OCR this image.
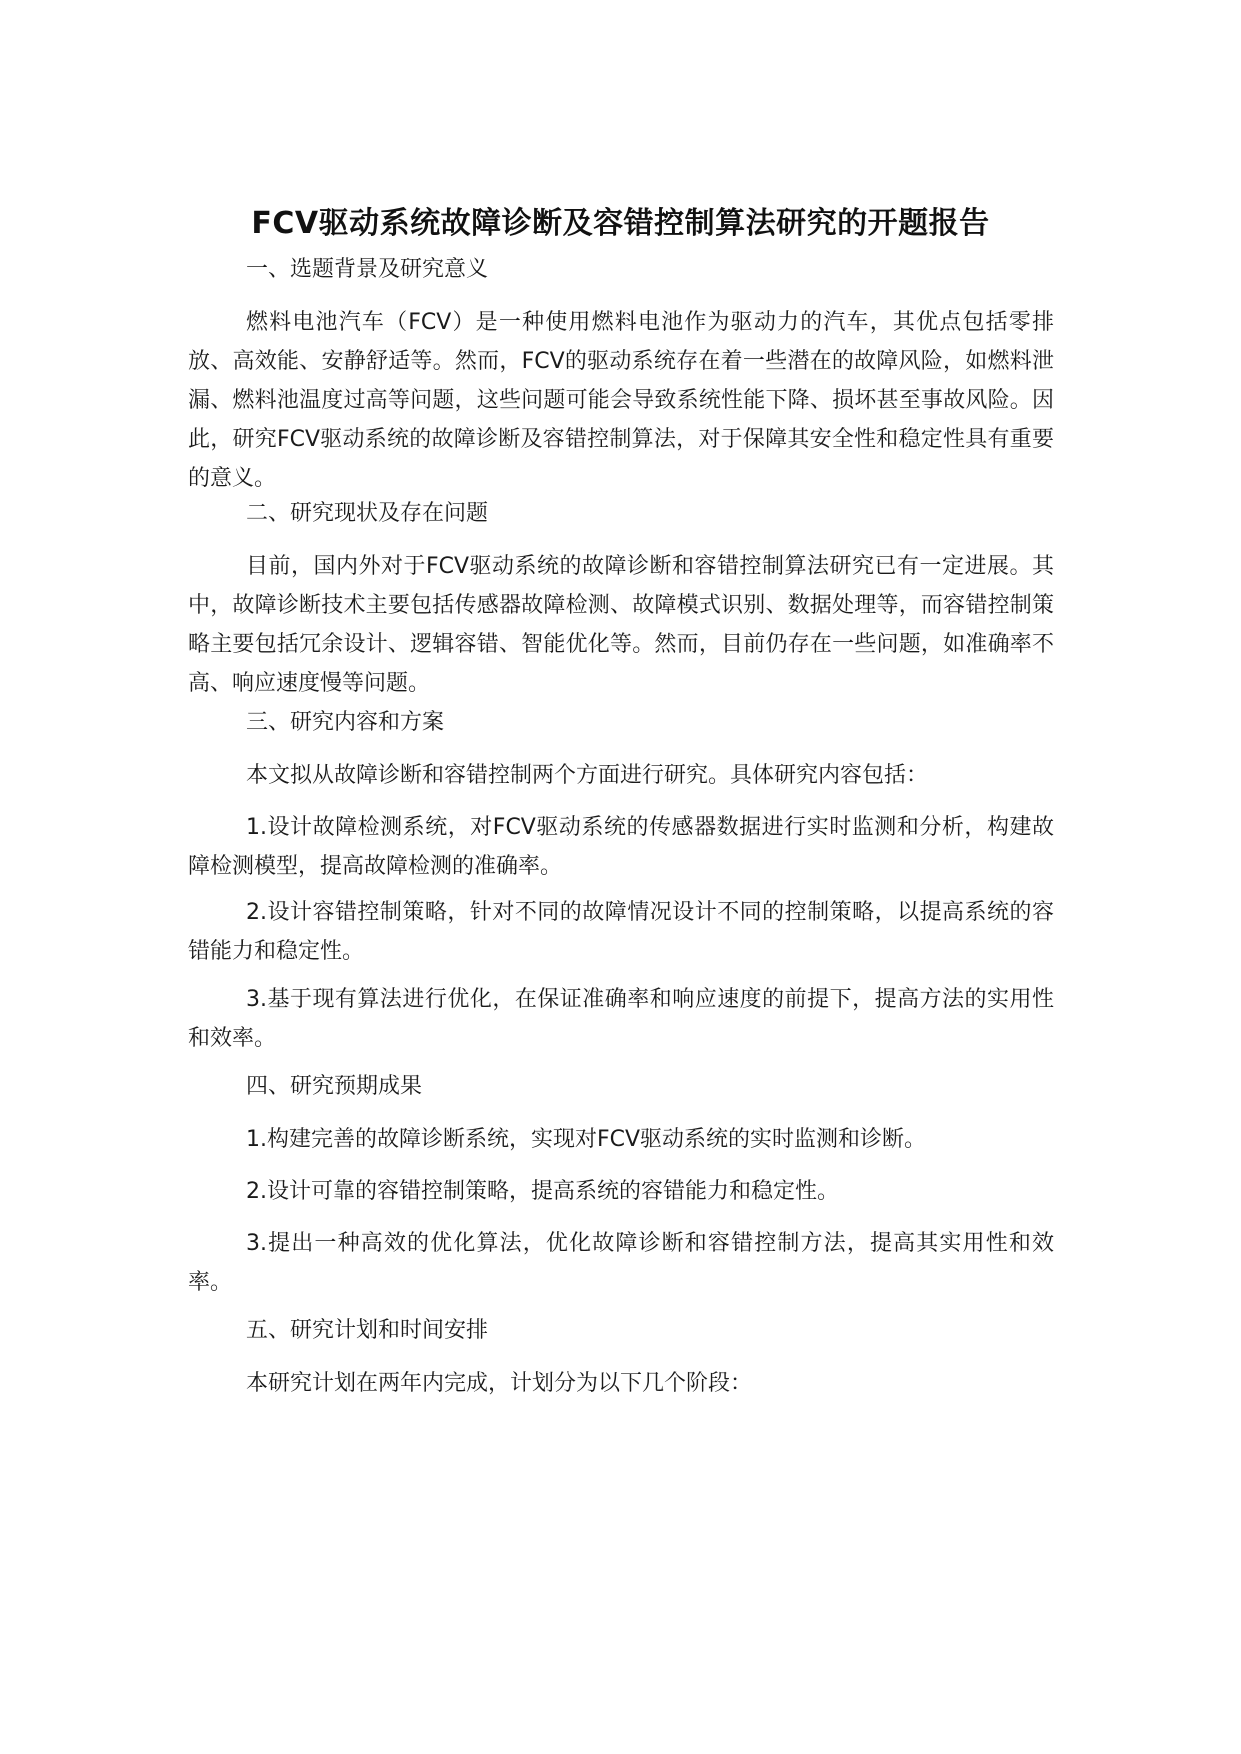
FCV驱动系统故障诊断及容错控制算法研究的开题报告

一、选题背景及研究意义

燃料电池汽车（FCV）是一种使用燃料电池作为驱动力的汽车，其优点包括零排放、高效能、安静舒适等。然而，FCV的驱动系统存在着一些潜在的故障风险，如燃料泄漏、燃料池温度过高等问题，这些问题可能会导致系统性能下降、损坏甚至事故风险。因此，研究FCV驱动系统的故障诊断及容错控制算法，对于保障其安全性和稳定性具有重要的意义。

二、研究现状及存在问题

目前，国内外对于FCV驱动系统的故障诊断和容错控制算法研究已有一定进展。其中，故障诊断技术主要包括传感器故障检测、故障模式识别、数据处理等，而容错控制策略主要包括冗余设计、逻辑容错、智能优化等。然而，目前仍存在一些问题，如准确率不高、响应速度慢等问题。

三、研究内容和方案

本文拟从故障诊断和容错控制两个方面进行研究。具体研究内容包括：

1.设计故障检测系统，对FCV驱动系统的传感器数据进行实时监测和分析，构建故障检测模型，提高故障检测的准确率。

2.设计容错控制策略，针对不同的故障情况设计不同的控制策略，以提高系统的容错能力和稳定性。

3.基于现有算法进行优化，在保证准确率和响应速度的前提下，提高方法的实用性和效率。

四、研究预期成果

1.构建完善的故障诊断系统，实现对FCV驱动系统的实时监测和诊断。

2.设计可靠的容错控制策略，提高系统的容错能力和稳定性。

3.提出一种高效的优化算法，优化故障诊断和容错控制方法，提高其实用性和效率。

五、研究计划和时间安排

本研究计划在两年内完成，计划分为以下几个阶段：
